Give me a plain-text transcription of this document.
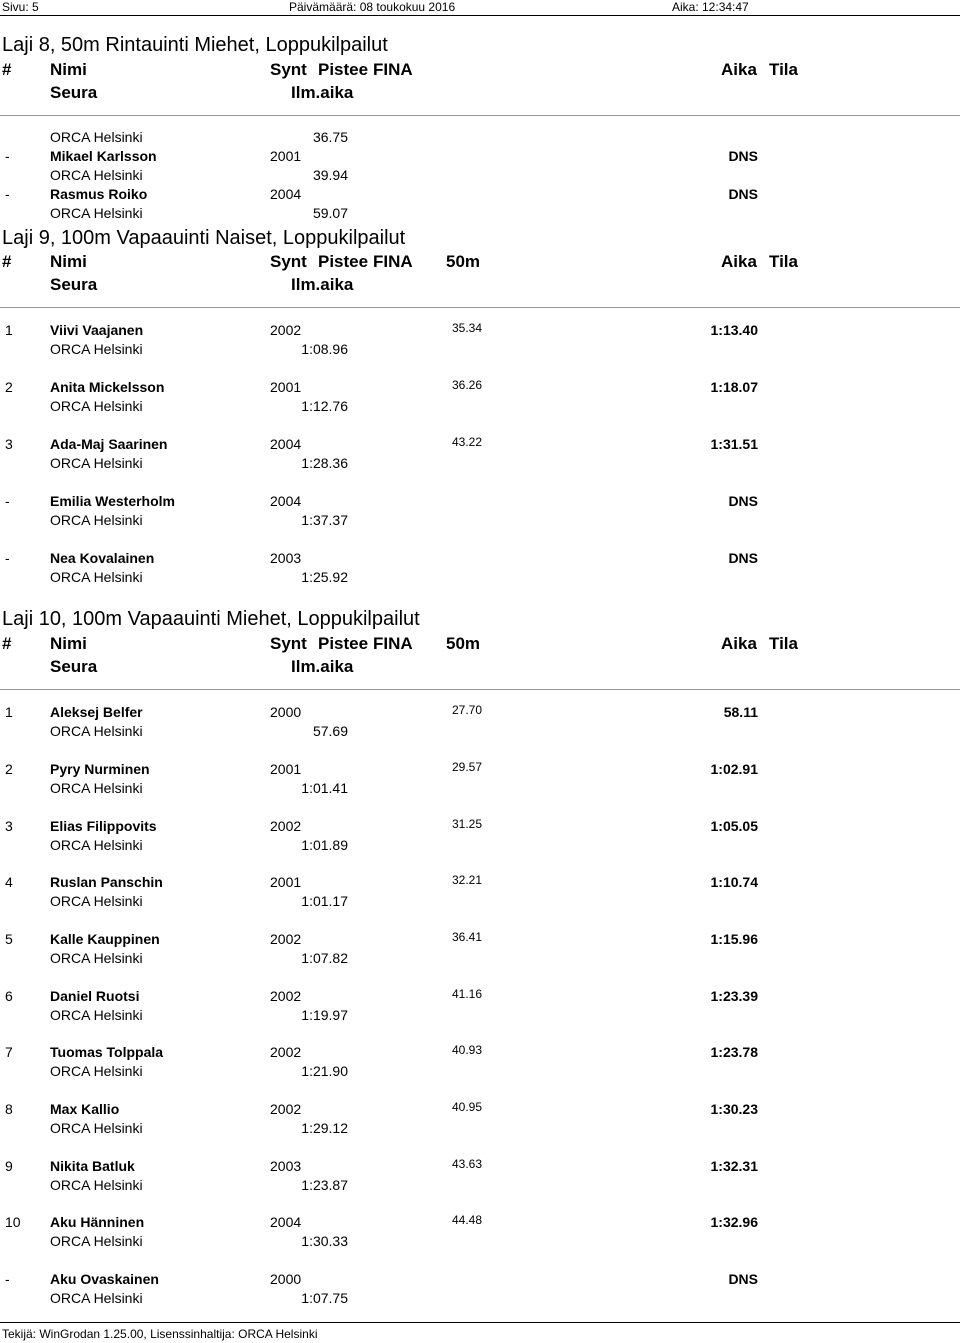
Sivu: 5	Päivämäärä: 08 toukokuu 2016	Aika: 12:34:47
Laji 8, 50m Rintauinti Miehet, Loppukilpailut
# Nimi	Synt Pistee FINA	Aika Tila
Seura	Ilm.aika
ORCA Helsinki	36.75
-	Mikael Karlsson	2001	DNS
ORCA Helsinki	39.94
-	Rasmus Roiko	2004	DNS
ORCA Helsinki	59.07
Laji 9, 100m Vapaauinti Naiset, Loppukilpailut
# Nimi	Synt Pistee FINA	Aika Tila
Seura	Ilm.aika
50m
1	Viivi Vaajanen	2002	35.34	1:13.40
ORCA Helsinki	1:08.96
2	Anita Mickelsson	2001	36.26	1:18.07
ORCA Helsinki	1:12.76
3	Ada-Maj Saarinen	2004	43.22	1:31.51
ORCA Helsinki	1:28.36
-	Emilia Westerholm	2004	DNS
ORCA Helsinki	1:37.37
-	Nea Kovalainen	2003	DNS
ORCA Helsinki	1:25.92
Laji 10, 100m Vapaauinti Miehet, Loppukilpailut
# Nimi	Synt Pistee FINA	Aika Tila
Seura	Ilm.aika
50m
1	Aleksej Belfer	2000	27.70	58.11
ORCA Helsinki	57.69
2	Pyry Nurminen	2001	29.57	1:02.91
ORCA Helsinki	1:01.41
3	Elias Filippovits	2002	31.25	1:05.05
ORCA Helsinki	1:01.89
4	Ruslan Panschin	2001	32.21	1:10.74
ORCA Helsinki	1:01.17
5	Kalle Kauppinen	2002	36.41	1:15.96
ORCA Helsinki	1:07.82
6	Daniel Ruotsi	2002	41.16	1:23.39
ORCA Helsinki	1:19.97
7	Tuomas Tolppala	2002	40.93	1:23.78
ORCA Helsinki	1:21.90
8	Max Kallio	2002	40.95	1:30.23
ORCA Helsinki	1:29.12
9	Nikita Batluk	2003	43.63	1:32.31
ORCA Helsinki	1:23.87
10 Aku Hänninen	2004	44.48	1:32.96
ORCA Helsinki	1:30.33
-	Aku Ovaskainen	2000	DNS
ORCA Helsinki	1:07.75
Tekijä: WinGrodan 1.25.00, Lisenssinhaltija: ORCA Helsinki
